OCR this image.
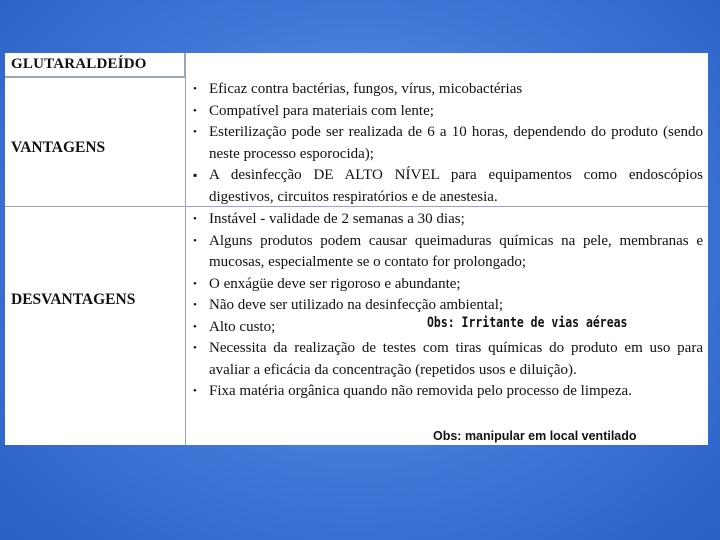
GLUTARALDEÍDO
VANTAGENS
DESVANTAGENS
• Eficaz contra bactérias, fungos, vírus, micobactérias
• Compatível para materiais com lente;
• Esterilização pode ser realizada de 6 a 10 horas, dependendo do produto (sendo neste processo esporocida);
▪ A desinfecção DE ALTO NÍVEL para equipamentos como endoscópios digestivos, circuitos respiratórios e de anestesia.
• Instável - validade de 2 semanas a 30 dias;
• Alguns produtos podem causar queimaduras químicas na pele, membranas e mucosas, especialmente se o contato for prolongado;
• O enxágüe deve ser rigoroso e abundante;
• Não deve ser utilizado na desinfecção ambiental;
• Alto custo;
• Necessita da realização de testes com tiras químicas do produto em uso para avaliar a eficácia da concentração (repetidos usos e diluição).
• Fixa matéria orgânica quando não removida pelo processo de limpeza.
Obs: Irritante de vias aéreas
Obs: manipular em local ventilado
